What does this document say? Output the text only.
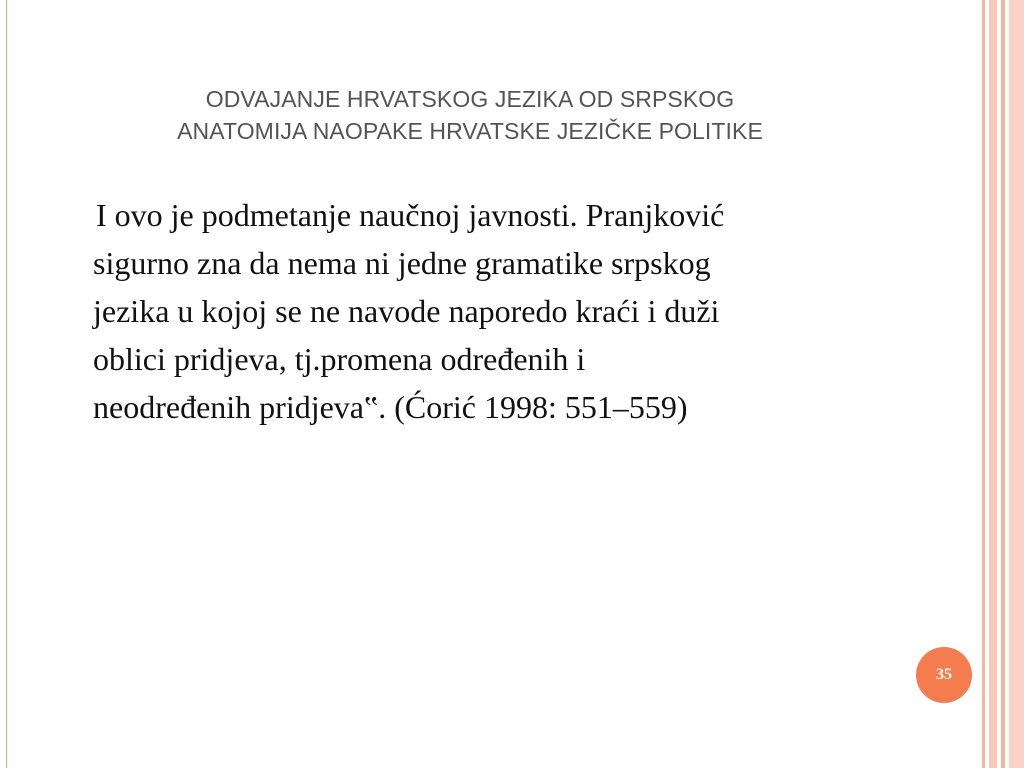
ODVAJANJE HRVATSKOG JEZIKA OD SRPSKOG
ANATOMIJA NAOPAKE HRVATSKE JEZIČKE POLITIKE
I ovo je podmetanje naučnoj javnosti. Pranjković
sigurno zna da nema ni jedne gramatike srpskog
jezika u kojoj se ne navode naporedo kraći i duži
oblici pridjeva, tj.promena određenih i
neodređenih pridjeva‟. (Ćorić 1998: 551–559)
35
